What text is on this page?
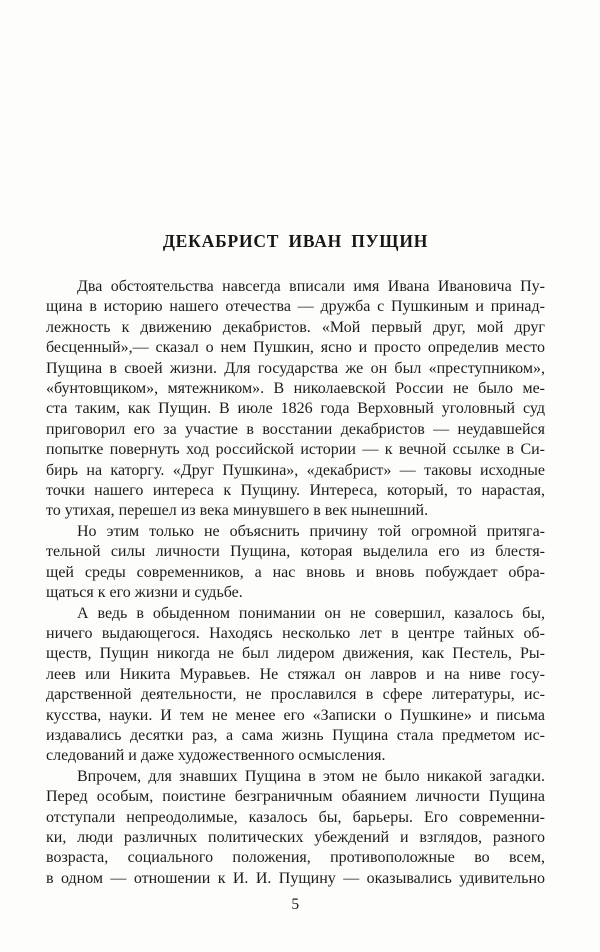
ДЕКАБРИСТ ИВАН ПУЩИН
Два обстоятельства навсегда вписали имя Ивана Ивановича Пу-
щина в историю нашего отечества — дружба с Пушкиным и принад-
лежность к движению декабристов. «Мой первый друг, мой друг
бесценный»,— сказал о нем Пушкин, ясно и просто определив место
Пущина в своей жизни. Для государства же он был «преступником»,
«бунтовщиком», мятежником». В николаевской России не было ме-
ста таким, как Пущин. В июле 1826 года Верховный уголовный суд
приговорил его за участие в восстании декабристов — неудавшейся
попытке повернуть ход российской истории — к вечной ссылке в Си-
бирь на каторгу. «Друг Пушкина», «декабрист» — таковы исходные
точки нашего интереса к Пущину. Интереса, который, то нарастая,
то утихая, перешел из века минувшего в век нынешний.
Но этим только не объяснить причину той огромной притяга-
тельной силы личности Пущина, которая выделила его из блестя-
щей среды современников, а нас вновь и вновь побуждает обра-
щаться к его жизни и судьбе.
А ведь в обыденном понимании он не совершил, казалось бы,
ничего выдающегося. Находясь несколько лет в центре тайных об-
ществ, Пущин никогда не был лидером движения, как Пестель, Ры-
леев или Никита Муравьев. Не стяжал он лавров и на ниве госу-
дарственной деятельности, не прославился в сфере литературы, ис-
кусства, науки. И тем не менее его «Записки о Пушкине» и письма
издавались десятки раз, а сама жизнь Пущина стала предметом ис-
следований и даже художественного осмысления.
Впрочем, для знавших Пущина в этом не было никакой загадки.
Перед особым, поистине безграничным обаянием личности Пущина
отступали непреодолимые, казалось бы, барьеры. Его современни-
ки, люди различных политических убеждений и взглядов, разного
возраста, социального положения, противоположные во всем,
в одном — отношении к И. И. Пущину — оказывались удивительно
5
